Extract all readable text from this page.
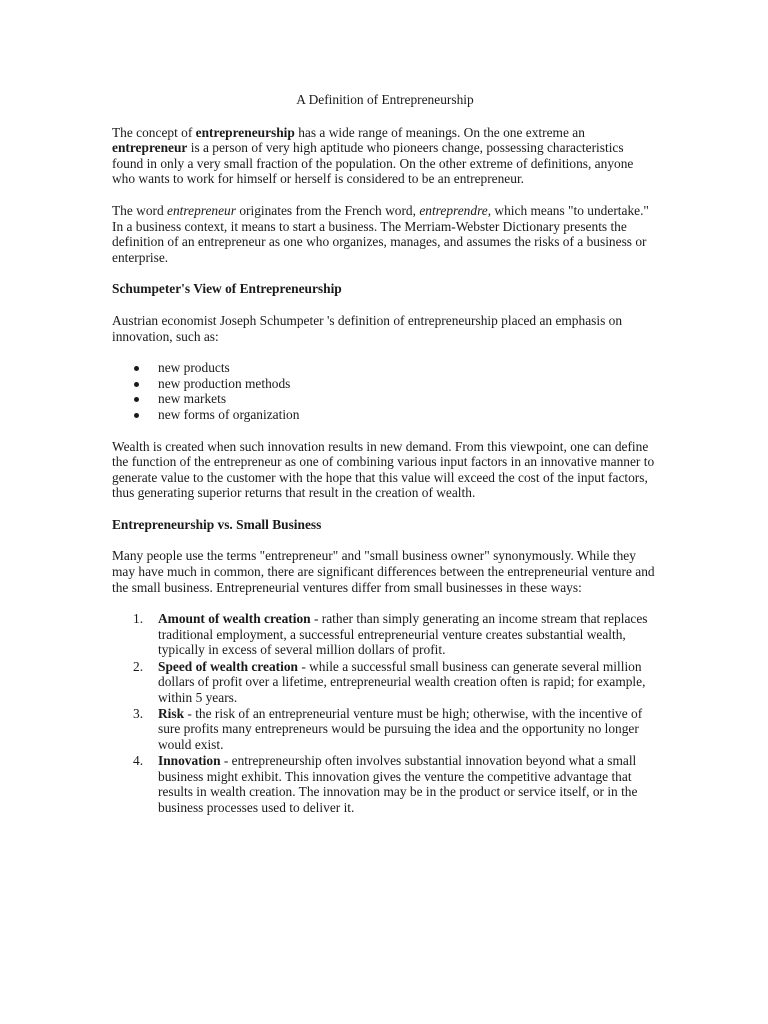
A Definition of Entrepreneurship

The concept of entrepreneurship has a wide range of meanings. On the one extreme an entrepreneur is a person of very high aptitude who pioneers change, possessing characteristics found in only a very small fraction of the population. On the other extreme of definitions, anyone who wants to work for himself or herself is considered to be an entrepreneur.

The word entrepreneur originates from the French word, entreprendre, which means "to undertake." In a business context, it means to start a business. The Merriam-Webster Dictionary presents the definition of an entrepreneur as one who organizes, manages, and assumes the risks of a business or enterprise.

Schumpeter's View of Entrepreneurship

Austrian economist Joseph Schumpeter 's definition of entrepreneurship placed an emphasis on innovation, such as:

new products
new production methods
new markets
new forms of organization

Wealth is created when such innovation results in new demand. From this viewpoint, one can define the function of the entrepreneur as one of combining various input factors in an innovative manner to generate value to the customer with the hope that this value will exceed the cost of the input factors, thus generating superior returns that result in the creation of wealth.

Entrepreneurship vs. Small Business

Many people use the terms "entrepreneur" and "small business owner" synonymously. While they may have much in common, there are significant differences between the entrepreneurial venture and the small business. Entrepreneurial ventures differ from small businesses in these ways:

1. Amount of wealth creation - rather than simply generating an income stream that replaces traditional employment, a successful entrepreneurial venture creates substantial wealth, typically in excess of several million dollars of profit.
2. Speed of wealth creation - while a successful small business can generate several million dollars of profit over a lifetime, entrepreneurial wealth creation often is rapid; for example, within 5 years.
3. Risk - the risk of an entrepreneurial venture must be high; otherwise, with the incentive of sure profits many entrepreneurs would be pursuing the idea and the opportunity no longer would exist.
4. Innovation - entrepreneurship often involves substantial innovation beyond what a small business might exhibit. This innovation gives the venture the competitive advantage that results in wealth creation. The innovation may be in the product or service itself, or in the business processes used to deliver it.
